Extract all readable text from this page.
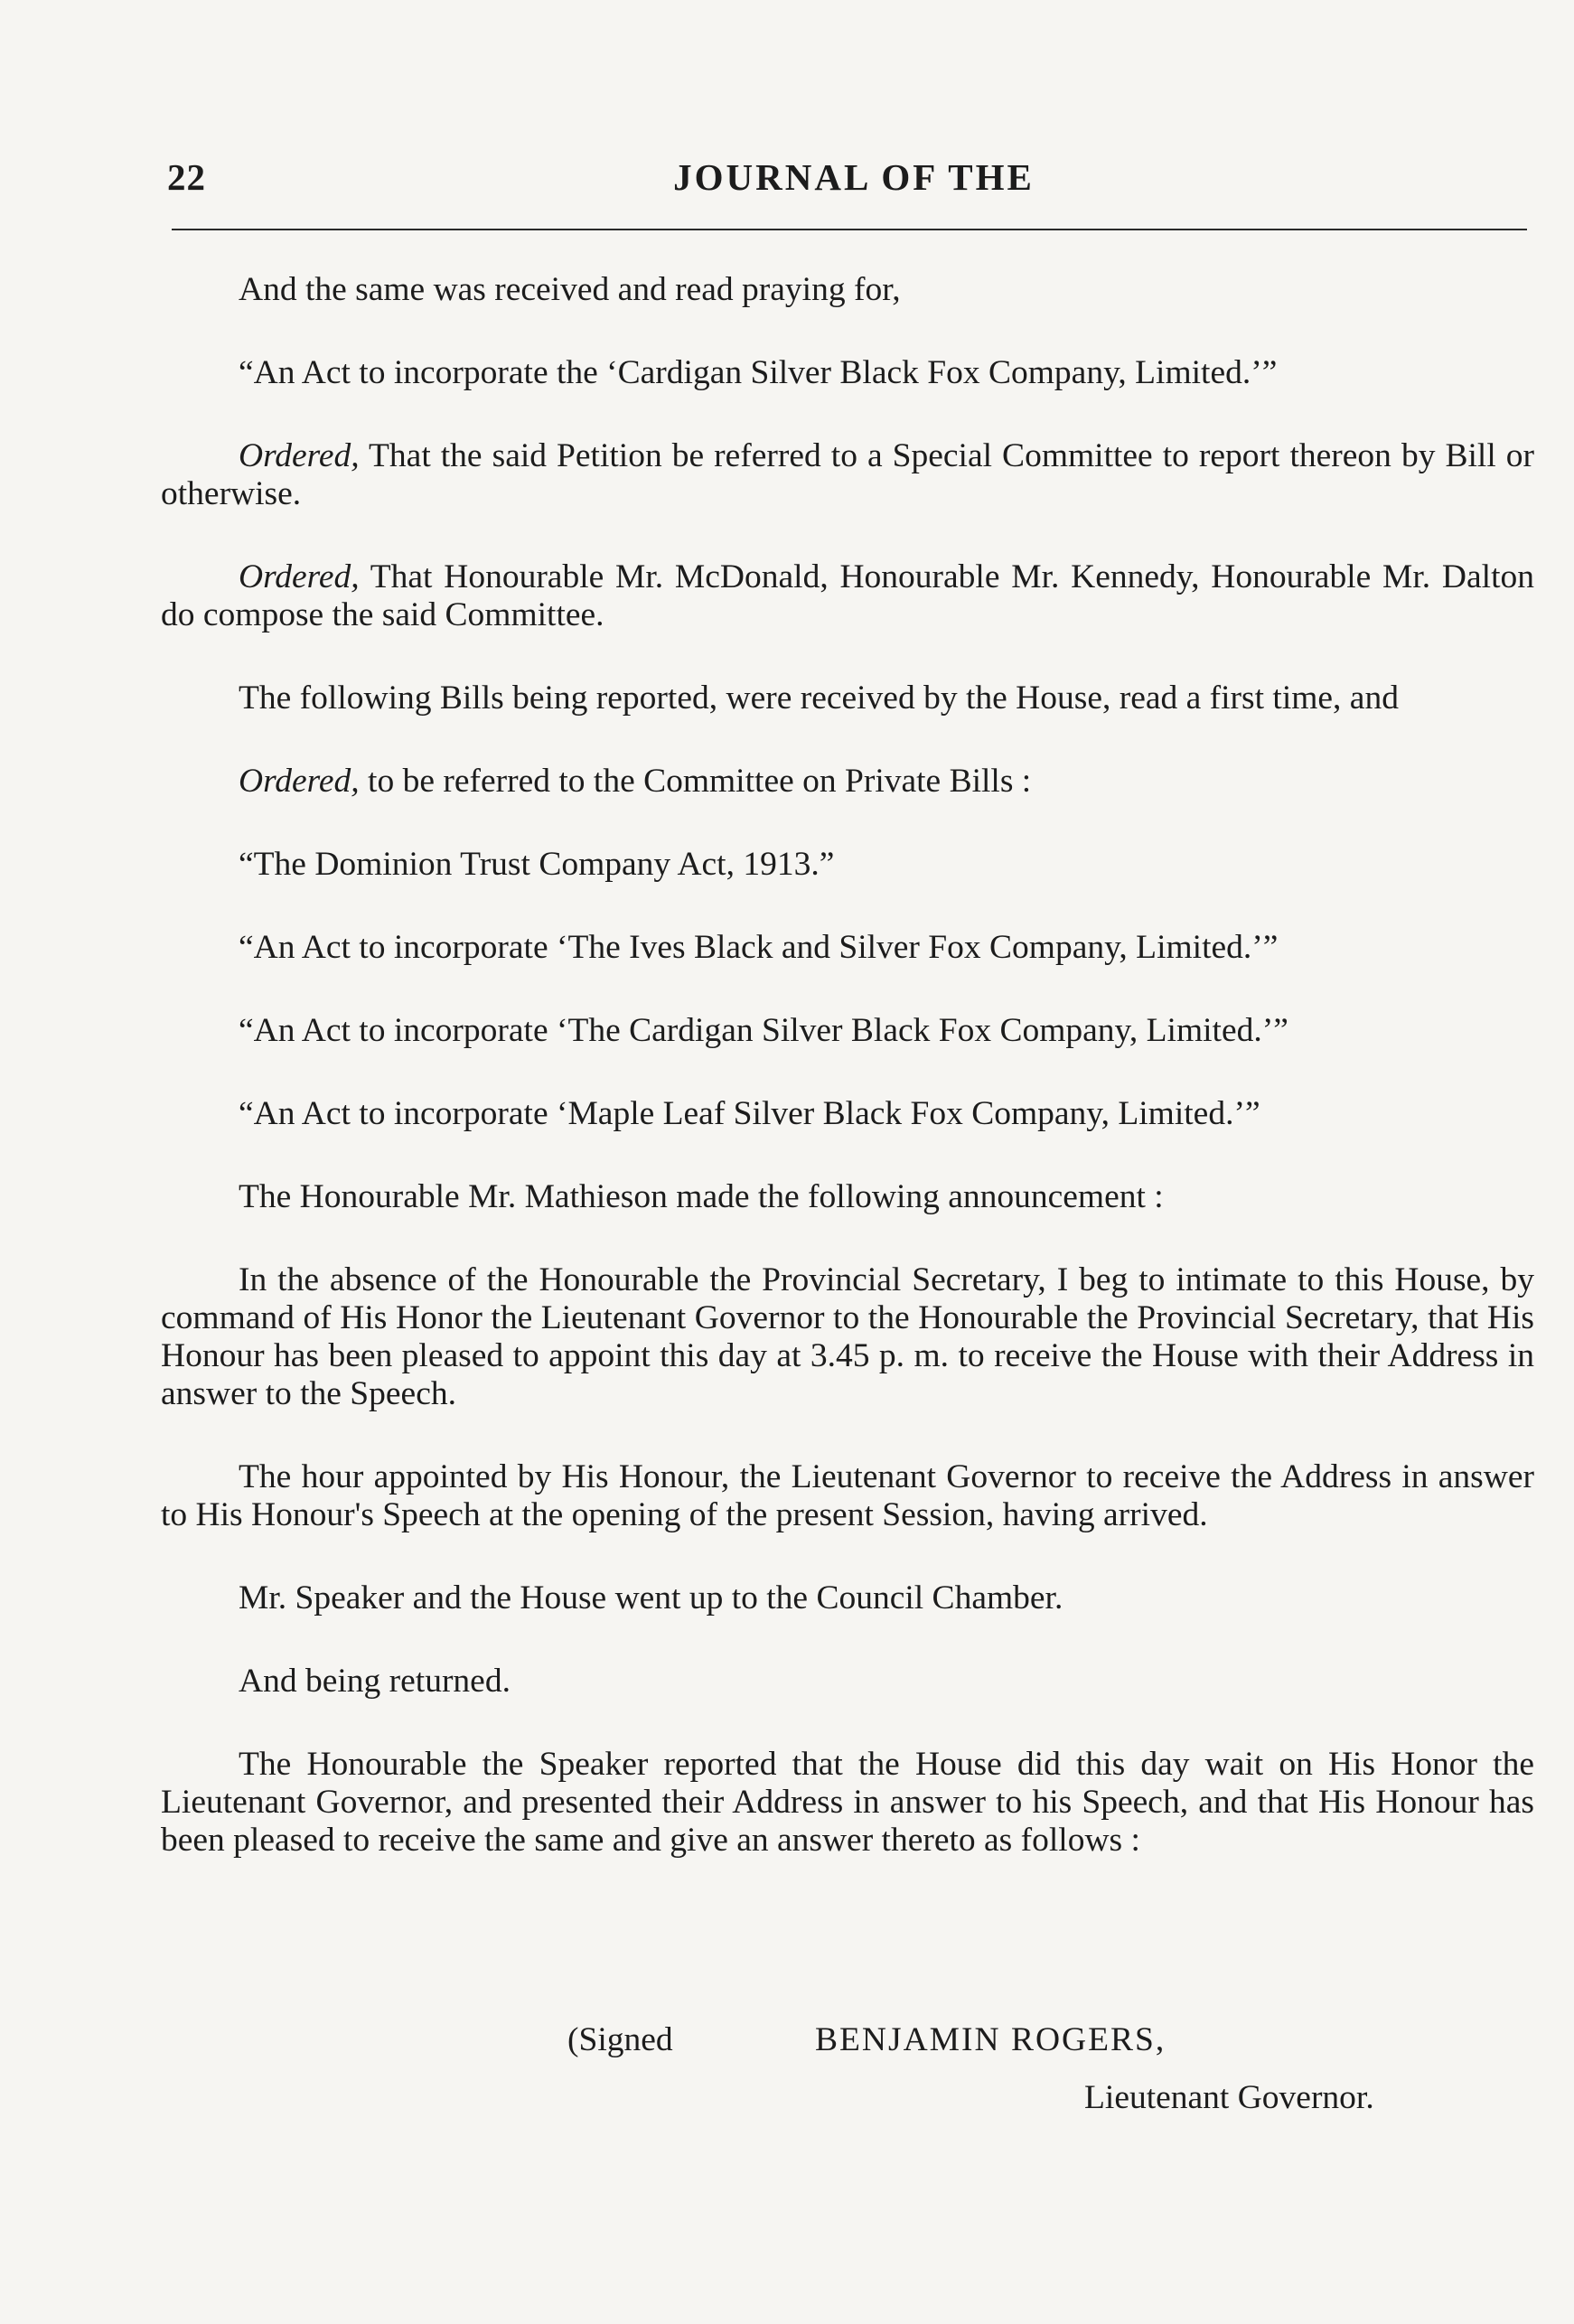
22	JOURNAL OF THE

And the same was received and read praying for,

“An Act to incorporate the ‘Cardigan Silver Black Fox Company, Limited.’”

Ordered, That the said Petition be referred to a Special Committee to report thereon by Bill or otherwise.

Ordered, That Honourable Mr. McDonald, Honourable Mr. Kennedy, Honourable Mr. Dalton do compose the said Committee.

The following Bills being reported, were received by the House, read a first time, and

Ordered, to be referred to the Committee on Private Bills :

“The Dominion Trust Company Act, 1913.”

“An Act to incorporate ‘The Ives Black and Silver Fox Company, Limited.’”

“An Act to incorporate ‘The Cardigan Silver Black Fox Company, Limited.’”

“An Act to incorporate ‘Maple Leaf Silver Black Fox Company, Limited.’”

The Honourable Mr. Mathieson made the following announcement :

In the absence of the Honourable the Provincial Secretary, I beg to intimate to this House, by command of His Honor the Lieutenant Governor to the Honourable the Provincial Secretary, that His Honour has been pleased to appoint this day at 3.45 p. m. to receive the House with their Address in answer to the Speech.

The hour appointed by His Honour, the Lieutenant Governor to receive the Address in answer to His Honour's Speech at the opening of the present Session, having arrived.

Mr. Speaker and the House went up to the Council Chamber.

And being returned.

The Honourable the Speaker reported that the House did this day wait on His Honor the Lieutenant Governor, and presented their Address in answer to his Speech, and that His Honour has been pleased to receive the same and give an answer thereto as follows :

(Signed	BENJAMIN ROGERS,
Lieutenant Governor.
